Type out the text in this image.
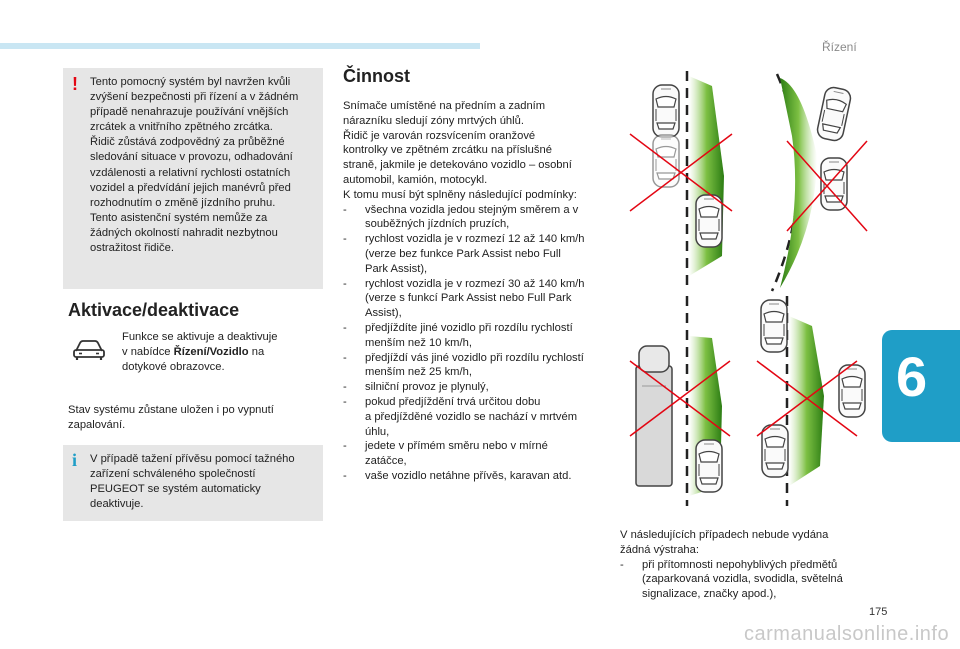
Řízení
6
! Tento pomocný systém byl navržen kvůli
zvýšení bezpečnosti při řízení a v žádném
případě nenahrazuje používání vnějších
zrcátek a vnitřního zpětného zrcátka.
Řidič zůstává zodpovědný za průběžné
sledování situace v provozu, odhadování
vzdálenosti a relativní rychlosti ostatních
vozidel a předvídání jejich manévrů před
rozhodnutím o změně jízdního pruhu.
Tento asistenční systém nemůže za
žádných okolností nahradit nezbytnou
ostražitost řidiče.
Aktivace/deaktivace
Funkce se aktivuje a deaktivuje
v nabídce Řízení/Vozidlo na
dotykové obrazovce.
Stav systému zůstane uložen i po vypnutí
zapalování.
i V případě tažení přívěsu pomocí tažného
zařízení schváleného společností
PEUGEOT se systém automaticky
deaktivuje.
Činnost
Snímače umístěné na předním a zadním
nárazníku sledují zóny mrtvých úhlů.
Řidič je varován rozsvícením oranžové
kontrolky ve zpětném zrcátku na příslušné
straně, jakmile je detekováno vozidlo – osobní
automobil, kamión, motocykl.
K tomu musí být splněny následující podmínky:
- všechna vozidla jedou stejným směrem a v
souběžných jízdních pruzích,
- rychlost vozidla je v rozmezí 12 až 140 km/h
(verze bez funkce Park Assist nebo Full
Park Assist),
- rychlost vozidla je v rozmezí 30 až 140 km/h
(verze s funkcí Park Assist nebo Full Park
Assist),
- předjíždíte jiné vozidlo při rozdílu rychlostí
menším než 10 km/h,
- předjíždí vás jiné vozidlo při rozdílu rychlostí
menším než 25 km/h,
- silniční provoz je plynulý,
- pokud předjíždění trvá určitou dobu
a předjížděné vozidlo se nachází v mrtvém
úhlu,
- jedete v přímém směru nebo v mírné
zatáčce,
- vaše vozidlo netáhne přívěs, karavan atd.
V následujících případech nebude vydána
žádná výstraha:
- při přítomnosti nepohyblivých předmětů
(zaparkovaná vozidla, svodidla, světelná
signalizace, značky apod.),
175
carmanualsonline.info
